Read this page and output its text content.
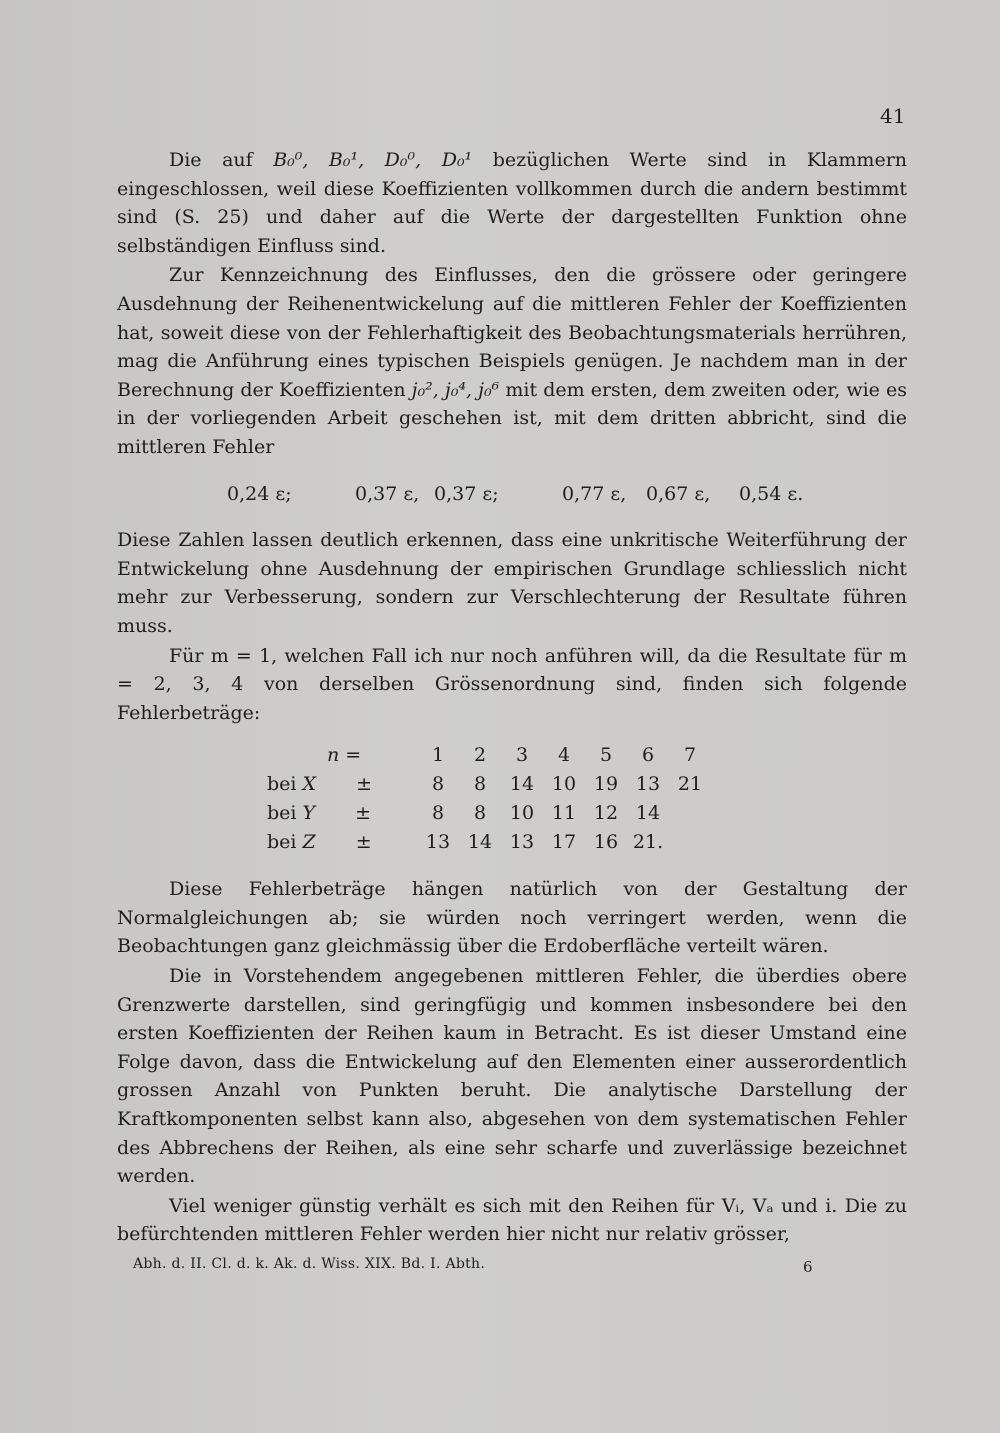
41

Die auf B₀⁰, B₀¹, D₀⁰, D₀¹ bezüglichen Werte sind in Klammern eingeschlossen, weil diese Koeffizienten vollkommen durch die andern bestimmt sind (S. 25) und daher auf die Werte der dargestellten Funktion ohne selbständigen Einfluss sind.

Zur Kennzeichnung des Einflusses, den die grössere oder geringere Ausdehnung der Reihenentwickelung auf die mittleren Fehler der Koeffizienten hat, soweit diese von der Fehlerhaftigkeit des Beobachtungsmaterials herrühren, mag die Anführung eines typischen Beispiels genügen. Je nachdem man in der Berechnung der Koeffizienten j₀², j₀⁴, j₀⁶ mit dem ersten, dem zweiten oder, wie es in der vorliegenden Arbeit geschehen ist, mit dem dritten abbricht, sind die mittleren Fehler

0,24 ε;	0,37 ε, 0,37 ε;	0,77 ε,	0,67 ε,	0,54 ε.

Diese Zahlen lassen deutlich erkennen, dass eine unkritische Weiterführung der Entwickelung ohne Ausdehnung der empirischen Grundlage schliesslich nicht mehr zur Verbesserung, sondern zur Verschlechterung der Resultate führen muss.

Für m = 1, welchen Fall ich nur noch anführen will, da die Resultate für m = 2, 3, 4 von derselben Grössenordnung sind, finden sich folgende Fehlerbeträge:

	n =	1	2	3	4	5	6	7
bei X ±		8	8	14	10	19	13	21
bei Y ±		8	8	10	11	12	14	
bei Z ±		13	14	13	17	16	21.	

Diese Fehlerbeträge hängen natürlich von der Gestaltung der Normalgleichungen ab; sie würden noch verringert werden, wenn die Beobachtungen ganz gleichmässig über die Erdoberfläche verteilt wären.

Die in Vorstehendem angegebenen mittleren Fehler, die überdies obere Grenzwerte darstellen, sind geringfügig und kommen insbesondere bei den ersten Koeffizienten der Reihen kaum in Betracht. Es ist dieser Umstand eine Folge davon, dass die Entwickelung auf den Elementen einer ausserordentlich grossen Anzahl von Punkten beruht. Die analytische Darstellung der Kraftkomponenten selbst kann also, abgesehen von dem systematischen Fehler des Abbrechens der Reihen, als eine sehr scharfe und zuverlässige bezeichnet werden.

Viel weniger günstig verhält es sich mit den Reihen für Vᵢ, Vₐ und i. Die zu befürchtenden mittleren Fehler werden hier nicht nur relativ grösser,

Abh. d. II. Cl. d. k. Ak. d. Wiss. XIX. Bd. I. Abth.	6
